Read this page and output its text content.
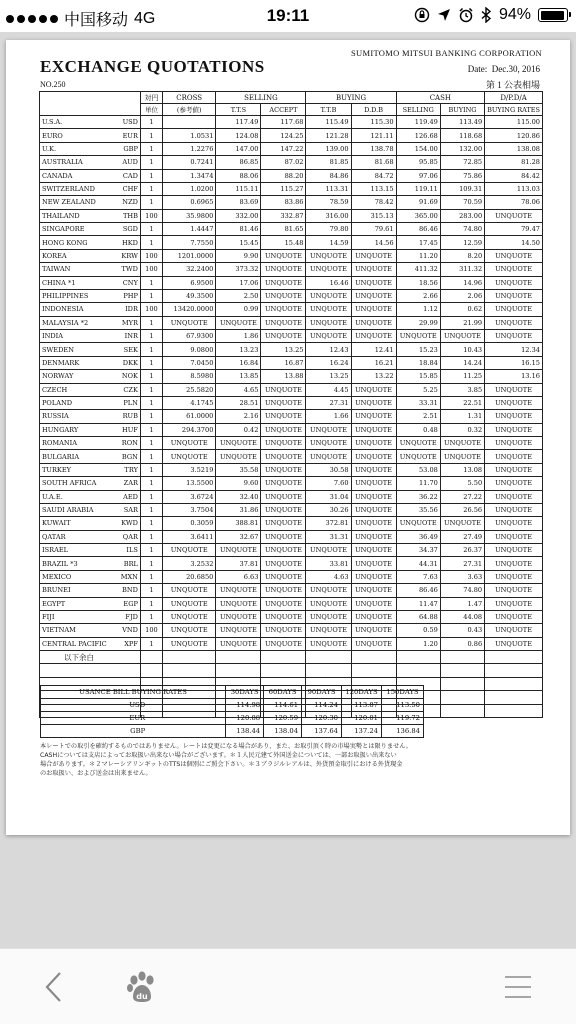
中国移动 4G	19:11	94%
SUMITOMO MITSUI BANKING CORPORATION
EXCHANGE QUOTATIONS	Date: Dec.30, 2016
NO.250	第 1 公表相場
		対円	CROSS	SELLING		BUYING		CASH		D/P.D/A
		単位	(参考値)	T.T.S	ACCEPT	T.T.B	D.D.B	SELLING	BUYING	BUYING RATES
U.S.A.	USD	1		117.49	117.68	115.49	115.30	119.49	113.49	115.00
EURO	EUR	1	1.0531	124.08	124.25	121.28	121.11	126.68	118.68	120.86
U.K.	GBP	1	1.2276	147.00	147.22	139.00	138.78	154.00	132.00	138.08
AUSTRALIA	AUD	1	0.7241	86.85	87.02	81.85	81.68	95.85	72.85	81.28
CANADA	CAD	1	1.3474	88.06	88.20	84.86	84.72	97.06	75.86	84.42
SWITZERLAND	CHF	1	1.0200	115.11	115.27	113.31	113.15	119.11	109.31	113.03
NEW ZEALAND	NZD	1	0.6965	83.69	83.86	78.59	78.42	91.69	70.59	78.06
THAILAND	THB	100	35.9800	332.00	332.87	316.00	315.13	365.00	283.00	UNQUOTE
SINGAPORE	SGD	1	1.4447	81.46	81.65	79.80	79.61	86.46	74.80	79.47
HONG KONG	HKD	1	7.7550	15.45	15.48	14.59	14.56	17.45	12.59	14.50
KOREA	KRW	100	1201.0000	9.90	UNQUOTE	UNQUOTE	UNQUOTE	11.20	8.20	UNQUOTE
TAIWAN	TWD	100	32.2400	373.32	UNQUOTE	UNQUOTE	UNQUOTE	411.32	311.32	UNQUOTE
CHINA *1	CNY	1	6.9500	17.06	UNQUOTE	16.46	UNQUOTE	18.56	14.96	UNQUOTE
PHILIPPINES	PHP	1	49.3500	2.50	UNQUOTE	UNQUOTE	UNQUOTE	2.66	2.06	UNQUOTE
INDONESIA	IDR	100	13420.0000	0.99	UNQUOTE	UNQUOTE	UNQUOTE	1.12	0.62	UNQUOTE
MALAYSIA *2	MYR	1	UNQUOTE	UNQUOTE	UNQUOTE	UNQUOTE	UNQUOTE	29.99	21.99	UNQUOTE
INDIA	INR	1	67.9300	1.86	UNQUOTE	UNQUOTE	UNQUOTE	UNQUOTE	UNQUOTE	UNQUOTE
SWEDEN	SEK	1	9.0800	13.23	13.25	12.43	12.41	15.23	10.43	12.34
DENMARK	DKK	1	7.0450	16.84	16.87	16.24	16.21	18.84	14.24	16.15
NORWAY	NOK	1	8.5980	13.85	13.88	13.25	13.22	15.85	11.25	13.16
CZECH	CZK	1	25.5820	4.65	UNQUOTE	4.45	UNQUOTE	5.25	3.85	UNQUOTE
POLAND	PLN	1	4.1745	28.51	UNQUOTE	27.31	UNQUOTE	33.31	22.51	UNQUOTE
RUSSIA	RUB	1	61.0000	2.16	UNQUOTE	1.66	UNQUOTE	2.51	1.31	UNQUOTE
HUNGARY	HUF	1	294.3700	0.42	UNQUOTE	UNQUOTE	UNQUOTE	0.48	0.32	UNQUOTE
ROMANIA	RON	1	UNQUOTE	UNQUOTE	UNQUOTE	UNQUOTE	UNQUOTE	UNQUOTE	UNQUOTE	UNQUOTE
BULGARIA	BGN	1	UNQUOTE	UNQUOTE	UNQUOTE	UNQUOTE	UNQUOTE	UNQUOTE	UNQUOTE	UNQUOTE
TURKEY	TRY	1	3.5219	35.58	UNQUOTE	30.58	UNQUOTE	53.08	13.08	UNQUOTE
SOUTH AFRICA	ZAR	1	13.5500	9.60	UNQUOTE	7.60	UNQUOTE	11.70	5.50	UNQUOTE
U.A.E.	AED	1	3.6724	32.40	UNQUOTE	31.04	UNQUOTE	36.22	27.22	UNQUOTE
SAUDI ARABIA	SAR	1	3.7504	31.86	UNQUOTE	30.26	UNQUOTE	35.56	26.56	UNQUOTE
KUWAIT	KWD	1	0.3059	388.81	UNQUOTE	372.81	UNQUOTE	UNQUOTE	UNQUOTE	UNQUOTE
QATAR	QAR	1	3.6411	32.67	UNQUOTE	31.31	UNQUOTE	36.49	27.49	UNQUOTE
ISRAEL	ILS	1	UNQUOTE	UNQUOTE	UNQUOTE	UNQUOTE	UNQUOTE	34.37	26.37	UNQUOTE
BRAZIL *3	BRL	1	3.2532	37.81	UNQUOTE	33.81	UNQUOTE	44.31	27.31	UNQUOTE
MEXICO	MXN	1	20.6850	6.63	UNQUOTE	4.63	UNQUOTE	7.63	3.63	UNQUOTE
BRUNEI	BND	1	UNQUOTE	UNQUOTE	UNQUOTE	UNQUOTE	UNQUOTE	86.46	74.80	UNQUOTE
EGYPT	EGP	1	UNQUOTE	UNQUOTE	UNQUOTE	UNQUOTE	UNQUOTE	11.47	1.47	UNQUOTE
FIJI	FJD	1	UNQUOTE	UNQUOTE	UNQUOTE	UNQUOTE	UNQUOTE	64.88	44.08	UNQUOTE
VIETNAM	VND	100	UNQUOTE	UNQUOTE	UNQUOTE	UNQUOTE	UNQUOTE	0.59	0.43	UNQUOTE
CENTRAL PACIFIC	XPF	1	UNQUOTE	UNQUOTE	UNQUOTE	UNQUOTE	UNQUOTE	1.20	0.86	UNQUOTE
以下余白										

USANCE BILL BUYING RATES	30DAYS	60DAYS	90DAYS	120DAYS	150DAYS
USD	114.98	114.61	114.24	113.87	113.50
EUR	120.88	120.59	120.30	120.01	119.72
GBP	138.44	138.04	137.64	137.24	136.84
本レートでの取引を確約するものではありません。レートは変更になる場合があり、また、お取引頂く時の市場実勢とは限りません。
CASHについては支店によってお取扱い出来ない場合がございます。＊１人民元建て外国送金については、一部お取扱い出来ない
場合があります。＊２マレーシアリンギットのTTSは個別にご照会下さい。＊３ブラジルレアルは、外貨預金取引における外貨現金
のお取扱い、および送金は出来ません。
du
